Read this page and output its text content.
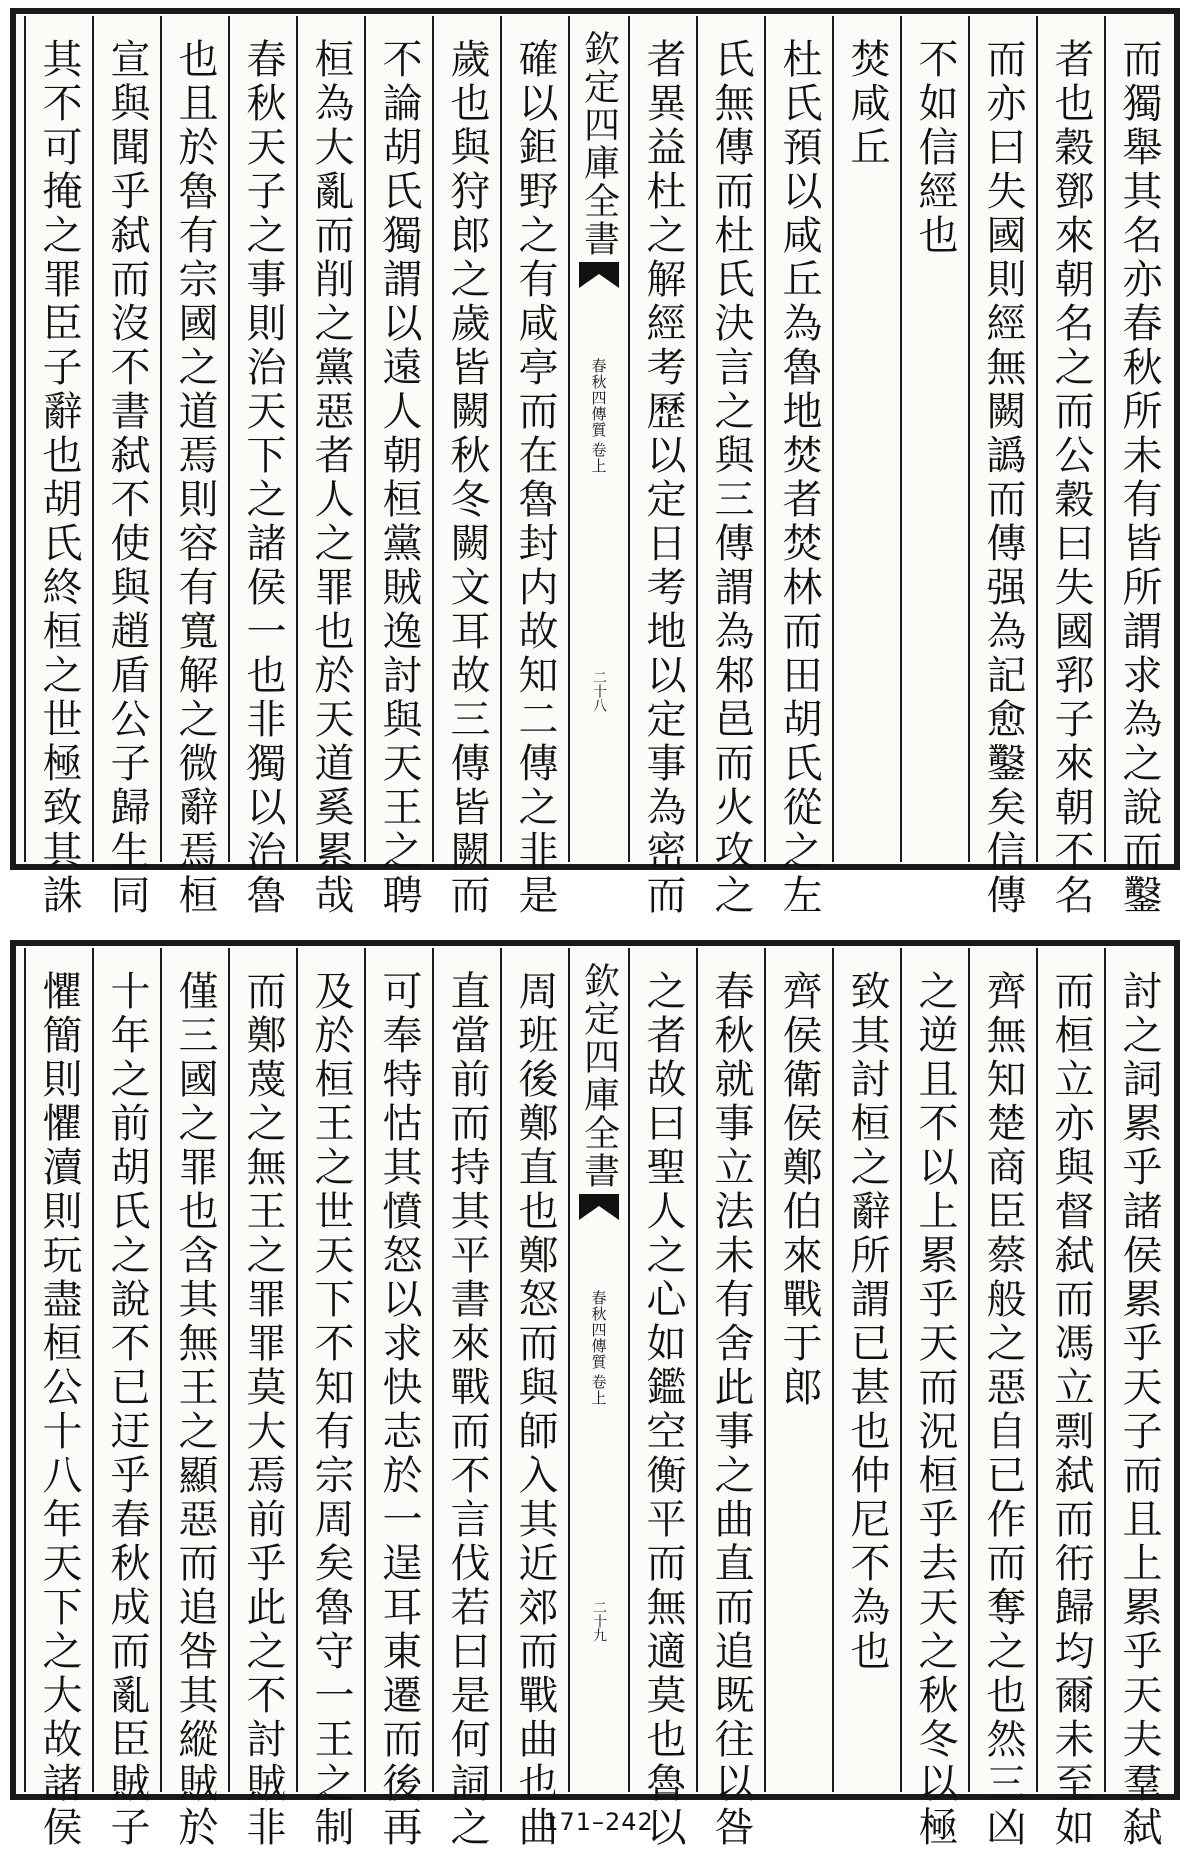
而獨舉其名亦春秋所未有皆所謂求為之說而鑿
者也穀鄧來朝名之而公穀曰失國郛子來朝不名
而亦曰失國則經無闕譌而傳强為記愈鑿矣信傳
不如信經也
焚咸丘
杜氏預以咸丘為魯地焚者焚林而田胡氏從之左
氏無傳而杜氏決言之與三傳謂為邾邑而火攻之
者異益杜之解經考歷以定日考地以定事為密而
欽定四庫全書
春秋四傳質
卷上
二十八
確以鉅野之有咸亭而在魯封内故知二傳之非是
歲也與狩郎之歲皆闕秋冬闕文耳故三傳皆闕而
不論胡氏獨謂以遠人朝桓黨賊逸討與天王之聘
桓為大亂而削之黨惡者人之罪也於天道奚累哉
春秋天子之事則治天下之諸侯一也非獨以治魯
也且於魯有宗國之道焉則容有寬解之微辭焉桓
宣與聞乎弑而沒不書弑不使與趙盾公子歸生同
其不可掩之罪臣子辭也胡氏終桓之世極致其誅
討之詞累乎諸侯累乎天子而且上累乎天夫羣弑
而桓立亦與督弑而馮立剽弑而衎歸均爾未至如
齊無知楚商臣蔡般之惡自已作而奪之也然三凶
之逆且不以上累乎天而況桓乎去天之秋冬以極
致其討桓之辭所謂已甚也仲尼不為也
齊侯衛侯鄭伯來戰于郎
春秋就事立法未有舍此事之曲直而追既往以咎
之者故曰聖人之心如鑑空衡平而無適莫也魯以
欽定四庫全書
春秋四傳質
卷上
二十九
周班後鄭直也鄭怒而與師入其近郊而戰曲也曲
直當前而持其平書來戰而不言伐若曰是何詞之
可奉特怙其憤怒以求快志於一逞耳東遷而後再
及於桓王之世天下不知有宗周矣魯守一王之制
而鄭蔑之無王之罪罪莫大焉前乎此之不討賊非
僅三國之罪也含其無王之顯惡而追咎其縱賊於
十年之前胡氏之說不已迂乎春秋成而亂臣賊子
懼簡則懼瀆則玩盡桓公十八年天下之大故諸侯	171–242
